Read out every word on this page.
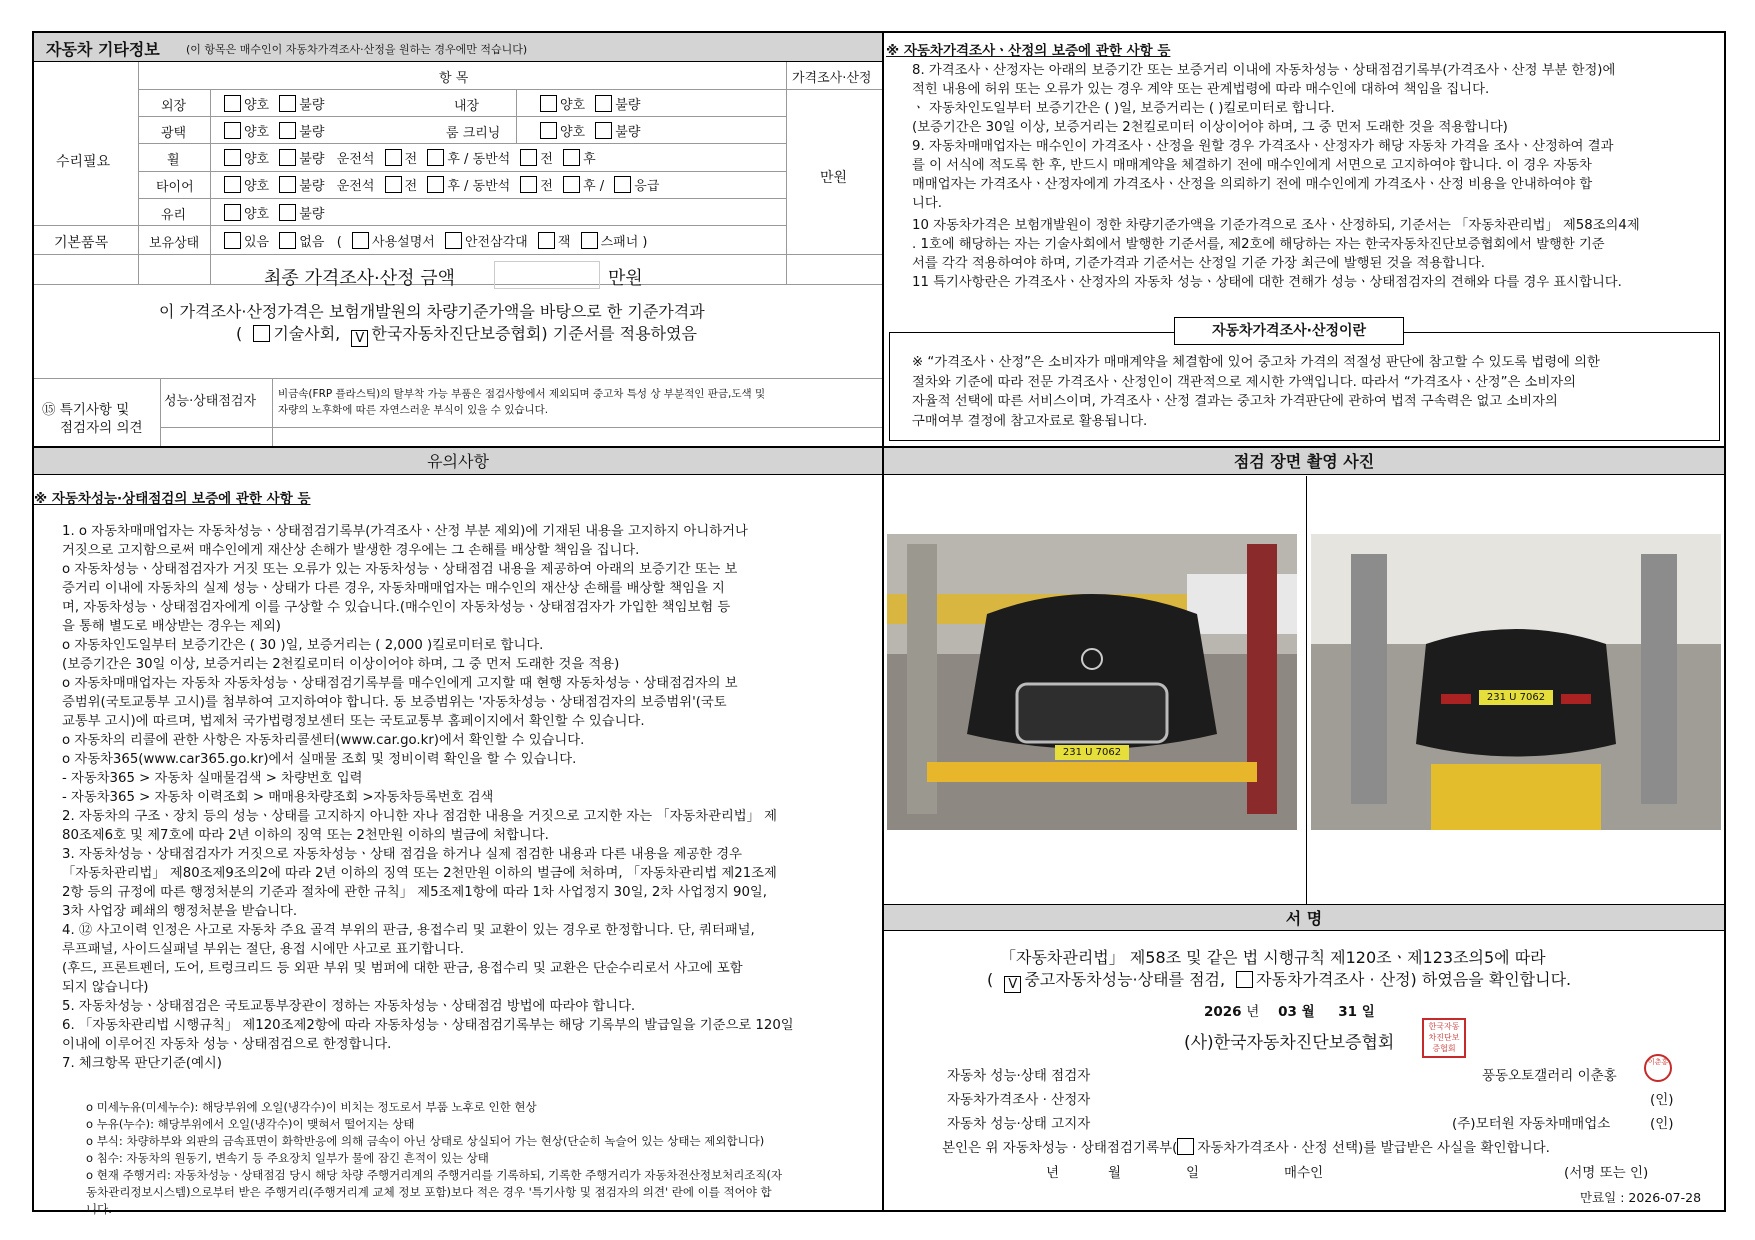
자동차 기타정보 (이 항목은 매수인이 자동차가격조사·산정을 원하는 경우에만 적습니다)
항 목	가격조사·산정
수리필요
기본품목
만원
외장	양호 불량	내장	양호 불량
광택	양호 불량	룸 크리닝	양호 불량
휠	양호 불량 운전석 전 후 / 동반석 전 후
타이어	양호 불량 운전석 전 후 / 동반석 전 후 / 응급
유리	양호 불량
보유상태	있음 없음 ( 사용설명서 안전삼각대 잭 스패너 )
최종 가격조사·산정 금액	만원
이 가격조사·산정가격은 보험개발원의 차량기준가액을 바탕으로 한 기준가격과
( 기술사회, V 한국자동차진단보증협회) 기준서를 적용하였음
⑮ 특기사항 및
점검자의 의견
성능·상태점검자 비금속(FRP 플라스틱)의 탈부착 가능 부품은 점검사항에서 제외되며 중고차 특성 상 부분적인 판금,도색 및
자량의 노후화에 따른 자연스러운 부식이 있을 수 있습니다.
※ 자동차가격조사ㆍ산정의 보증에 관한 사항 등
8. 가격조사ㆍ산정자는 아래의 보증기간 또는 보증거리 이내에 자동차성능ㆍ상태점검기록부(가격조사ㆍ산정 부분 한정)에
적힌 내용에 허위 또는 오류가 있는 경우 계약 또는 관계법령에 따라 매수인에 대하여 책임을 집니다.
ㆍ 자동차인도일부터 보증기간은 ( )일, 보증거리는 ( )킬로미터로 합니다.
(보증기간은 30일 이상, 보증거리는 2천킬로미터 이상이어야 하며, 그 중 먼저 도래한 것을 적용합니다)
9. 자동차매매업자는 매수인이 가격조사ㆍ산정을 원할 경우 가격조사ㆍ산정자가 해당 자동차 가격을 조사ㆍ산정하여 결과
를 이 서식에 적도록 한 후, 반드시 매매계약을 체결하기 전에 매수인에게 서면으로 고지하여야 합니다. 이 경우 자동차
매매업자는 가격조사ㆍ산정자에게 가격조사ㆍ산정을 의뢰하기 전에 매수인에게 가격조사ㆍ산정 비용을 안내하여야 합
니다.
10 자동차가격은 보험개발원이 정한 차량기준가액을 기준가격으로 조사ㆍ산정하되, 기준서는 「자동차관리법」 제58조의4제
. 1호에 해당하는 자는 기술사회에서 발행한 기준서를, 제2호에 해당하는 자는 한국자동차진단보증협회에서 발행한 기준
서를 각각 적용하여야 하며, 기준가격과 기준서는 산정일 기준 가장 최근에 발행된 것을 적용합니다.
11 특기사항란은 가격조사ㆍ산정자의 자동차 성능ㆍ상태에 대한 견해가 성능ㆍ상태점검자의 견해와 다를 경우 표시합니다.
자동차가격조사·산정이란
※ “가격조사ㆍ산정”은 소비자가 매매계약을 체결함에 있어 중고차 가격의 적절성 판단에 참고할 수 있도록 법령에 의한
절차와 기준에 따라 전문 가격조사ㆍ산정인이 객관적으로 제시한 가액입니다. 따라서 “가격조사ㆍ산정”은 소비자의
자율적 선택에 따른 서비스이며, 가격조사ㆍ산정 결과는 중고차 가격판단에 관하여 법적 구속력은 없고 소비자의
구매여부 결정에 참고자료로 활용됩니다.
유의사항
※ 자동차성능·상태점검의 보증에 관한 사항 등
1. o 자동차매매업자는 자동차성능ㆍ상태점검기록부(가격조사ㆍ산정 부분 제외)에 기재된 내용을 고지하지 아니하거나
거짓으로 고지함으로써 매수인에게 재산상 손해가 발생한 경우에는 그 손해를 배상할 책임을 집니다.
o 자동차성능ㆍ상태점검자가 거짓 또는 오류가 있는 자동차성능ㆍ상태점검 내용을 제공하여 아래의 보증기간 또는 보
증거리 이내에 자동차의 실제 성능ㆍ상태가 다른 경우, 자동차매매업자는 매수인의 재산상 손해를 배상할 책임을 지
며, 자동차성능ㆍ상태점검자에게 이를 구상할 수 있습니다.(매수인이 자동차성능ㆍ상태점검자가 가입한 책임보험 등
을 통해 별도로 배상받는 경우는 제외)
o 자동차인도일부터 보증기간은 ( 30 )일, 보증거리는 ( 2,000 )킬로미터로 합니다.
(보증기간은 30일 이상, 보증거리는 2천킬로미터 이상이어야 하며, 그 중 먼저 도래한 것을 적용)
o 자동차매매업자는 자동차 자동차성능ㆍ상태점검기록부를 매수인에게 고지할 때 현행 자동차성능ㆍ상태점검자의 보
증범위(국토교통부 고시)를 첨부하여 고지하여야 합니다. 동 보증범위는 '자동차성능ㆍ상태점검자의 보증범위'(국토
교통부 고시)에 따르며, 법제처 국가법령정보센터 또는 국토교통부 홈페이지에서 확인할 수 있습니다.
o 자동차의 리콜에 관한 사항은 자동차리콜센터(www.car.go.kr)에서 확인할 수 있습니다.
o 자동차365(www.car365.go.kr)에서 실매물 조회 및 정비이력 확인을 할 수 있습니다.
- 자동차365 > 자동차 실매물검색 > 차량번호 입력
- 자동차365 > 자동차 이력조회 > 매매용차량조회 >자동차등록번호 검색
2. 자동차의 구조ㆍ장치 등의 성능ㆍ상태를 고지하지 아니한 자나 점검한 내용을 거짓으로 고지한 자는 「자동차관리법」 제
80조제6호 및 제7호에 따라 2년 이하의 징역 또는 2천만원 이하의 벌금에 처합니다.
3. 자동차성능ㆍ상태점검자가 거짓으로 자동차성능ㆍ상태 점검을 하거나 실제 점검한 내용과 다른 내용을 제공한 경우
「자동차관리법」 제80조제9조의2에 따라 2년 이하의 징역 또는 2천만원 이하의 벌금에 처하며, 「자동차관리법 제21조제
2항 등의 규정에 따른 행정처분의 기준과 절차에 관한 규칙」 제5조제1항에 따라 1차 사업정지 30일, 2차 사업정지 90일,
3차 사업장 폐쇄의 행정처분을 받습니다.
4. ⑫ 사고이력 인정은 사고로 자동차 주요 골격 부위의 판금, 용접수리 및 교환이 있는 경우로 한정합니다. 단, 쿼터패널,
루프패널, 사이드실패널 부위는 절단, 용접 시에만 사고로 표기합니다.
(후드, 프론트펜더, 도어, 트렁크리드 등 외판 부위 및 범퍼에 대한 판금, 용접수리 및 교환은 단순수리로서 사고에 포함
되지 않습니다)
5. 자동차성능ㆍ상태점검은 국토교통부장관이 정하는 자동차성능ㆍ상태점검 방법에 따라야 합니다.
6. 「자동차관리법 시행규칙」 제120조제2항에 따라 자동차성능ㆍ상태점검기록부는 해당 기록부의 발급일을 기준으로 120일
이내에 이루어진 자동차 성능ㆍ상태점검으로 한정합니다.
7. 체크항목 판단기준(예시)
o 미세누유(미세누수): 해당부위에 오일(냉각수)이 비치는 정도로서 부품 노후로 인한 현상
o 누유(누수): 해당부위에서 오일(냉각수)이 맺혀서 떨어지는 상태
o 부식: 차량하부와 외판의 금속표면이 화학반응에 의해 금속이 아닌 상태로 상실되어 가는 현상(단순히 녹슬어 있는 상태는 제외합니다)
o 침수: 자동차의 원동기, 변속기 등 주요장치 일부가 물에 잠긴 흔적이 있는 상태
o 현재 주행거리: 자동차성능ㆍ상태점검 당시 해당 차량 주행거리계의 주행거리를 기록하되, 기록한 주행거리가 자동차전산정보처리조직(자
동차관리정보시스템)으로부터 받은 주행거리(주행거리계 교체 정보 포함)보다 적은 경우 '특기사항 및 점검자의 의견' 란에 이를 적어야 합
니다.
점검 장면 촬영 사진
231 U 7062
231 U 7062
서 명
「자동차관리법」 제58조 및 같은 법 시행규칙 제120조ㆍ제123조의5에 따라
( V 중고자동차성능·상태를 점검, 자동차가격조사 · 산정) 하였음을 확인합니다.
2026 년 03 월 31 일
(사)한국자동차진단보증협회
한국자동차진단보증협회
자동차 성능·상태 점검자	풍동오토갤러리 이춘홍
이춘홍
자동차가격조사 · 산정자	(인)
자동차 성능·상태 고지자	(주)모터원 자동차매매업소	(인)
본인은 위 자동차성능 · 상태점검기록부( 자동차가격조사 · 산정 선택)를 발급받은 사실을 확인합니다.
년	월	일	매수인	(서명 또는 인)
만료일 : 2026-07-28
